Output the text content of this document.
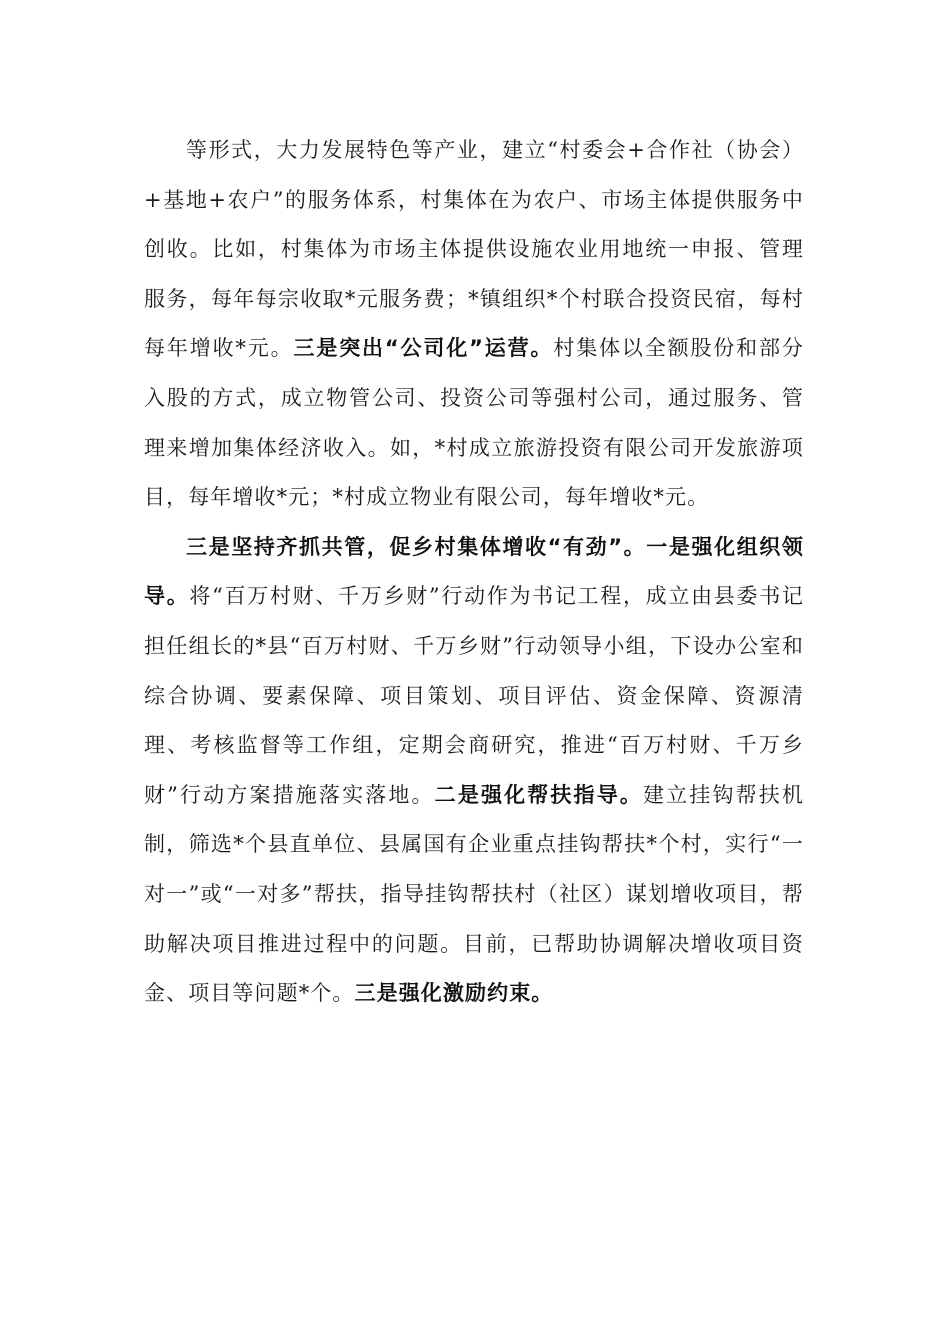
等形式，大力发展特色等产业，建立“村委会+合作社（协会）+基地+农户”的服务体系，村集体在为农户、市场主体提供服务中创收。比如，村集体为市场主体提供设施农业用地统一申报、管理服务，每年每宗收取*元服务费；*镇组织*个村联合投资民宿，每村每年增收*元。三是突出“公司化”运营。村集体以全额股份和部分入股的方式，成立物管公司、投资公司等强村公司，通过服务、管理来增加集体经济收入。如，*村成立旅游投资有限公司开发旅游项目，每年增收*元；*村成立物业有限公司，每年增收*元。

三是坚持齐抓共管，促乡村集体增收“有劲”。一是强化组织领导。将“百万村财、千万乡财”行动作为书记工程，成立由县委书记担任组长的*县“百万村财、千万乡财”行动领导小组，下设办公室和综合协调、要素保障、项目策划、项目评估、资金保障、资源清理、考核监督等工作组，定期会商研究，推进“百万村财、千万乡财”行动方案措施落实落地。二是强化帮扶指导。建立挂钩帮扶机制，筛选*个县直单位、县属国有企业重点挂钩帮扶*个村，实行“一对一”或“一对多”帮扶，指导挂钩帮扶村（社区）谋划增收项目，帮助解决项目推进过程中的问题。目前，已帮助协调解决增收项目资金、项目等问题*个。三是强化激励约束。
